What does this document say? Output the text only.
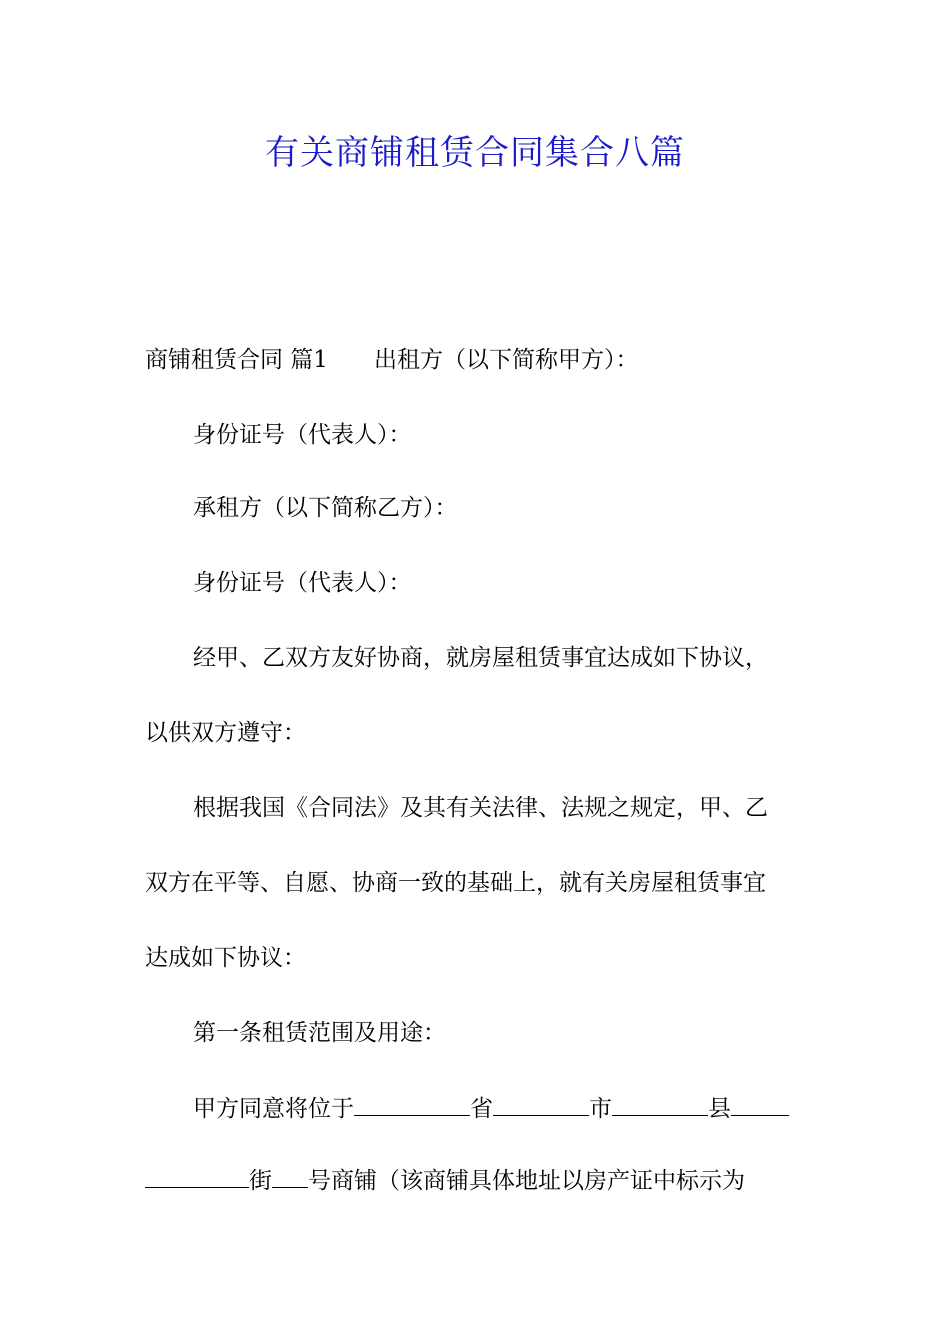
有关商铺租赁合同集合八篇
商铺租赁合同 篇1 出租方（以下简称甲方）：
身份证号（代表人）：
承租方（以下简称乙方）：
身份证号（代表人）：
经甲、乙双方友好协商，就房屋租赁事宜达成如下协议，
以供双方遵守：
根据我国《合同法》及其有关法律、法规之规定，甲、乙
双方在平等、自愿、协商一致的基础上，就有关房屋租赁事宜
达成如下协议：
第一条租赁范围及用途：
甲方同意将位于	省	市	县
街 号商铺（该商铺具体地址以房产证中标示为
